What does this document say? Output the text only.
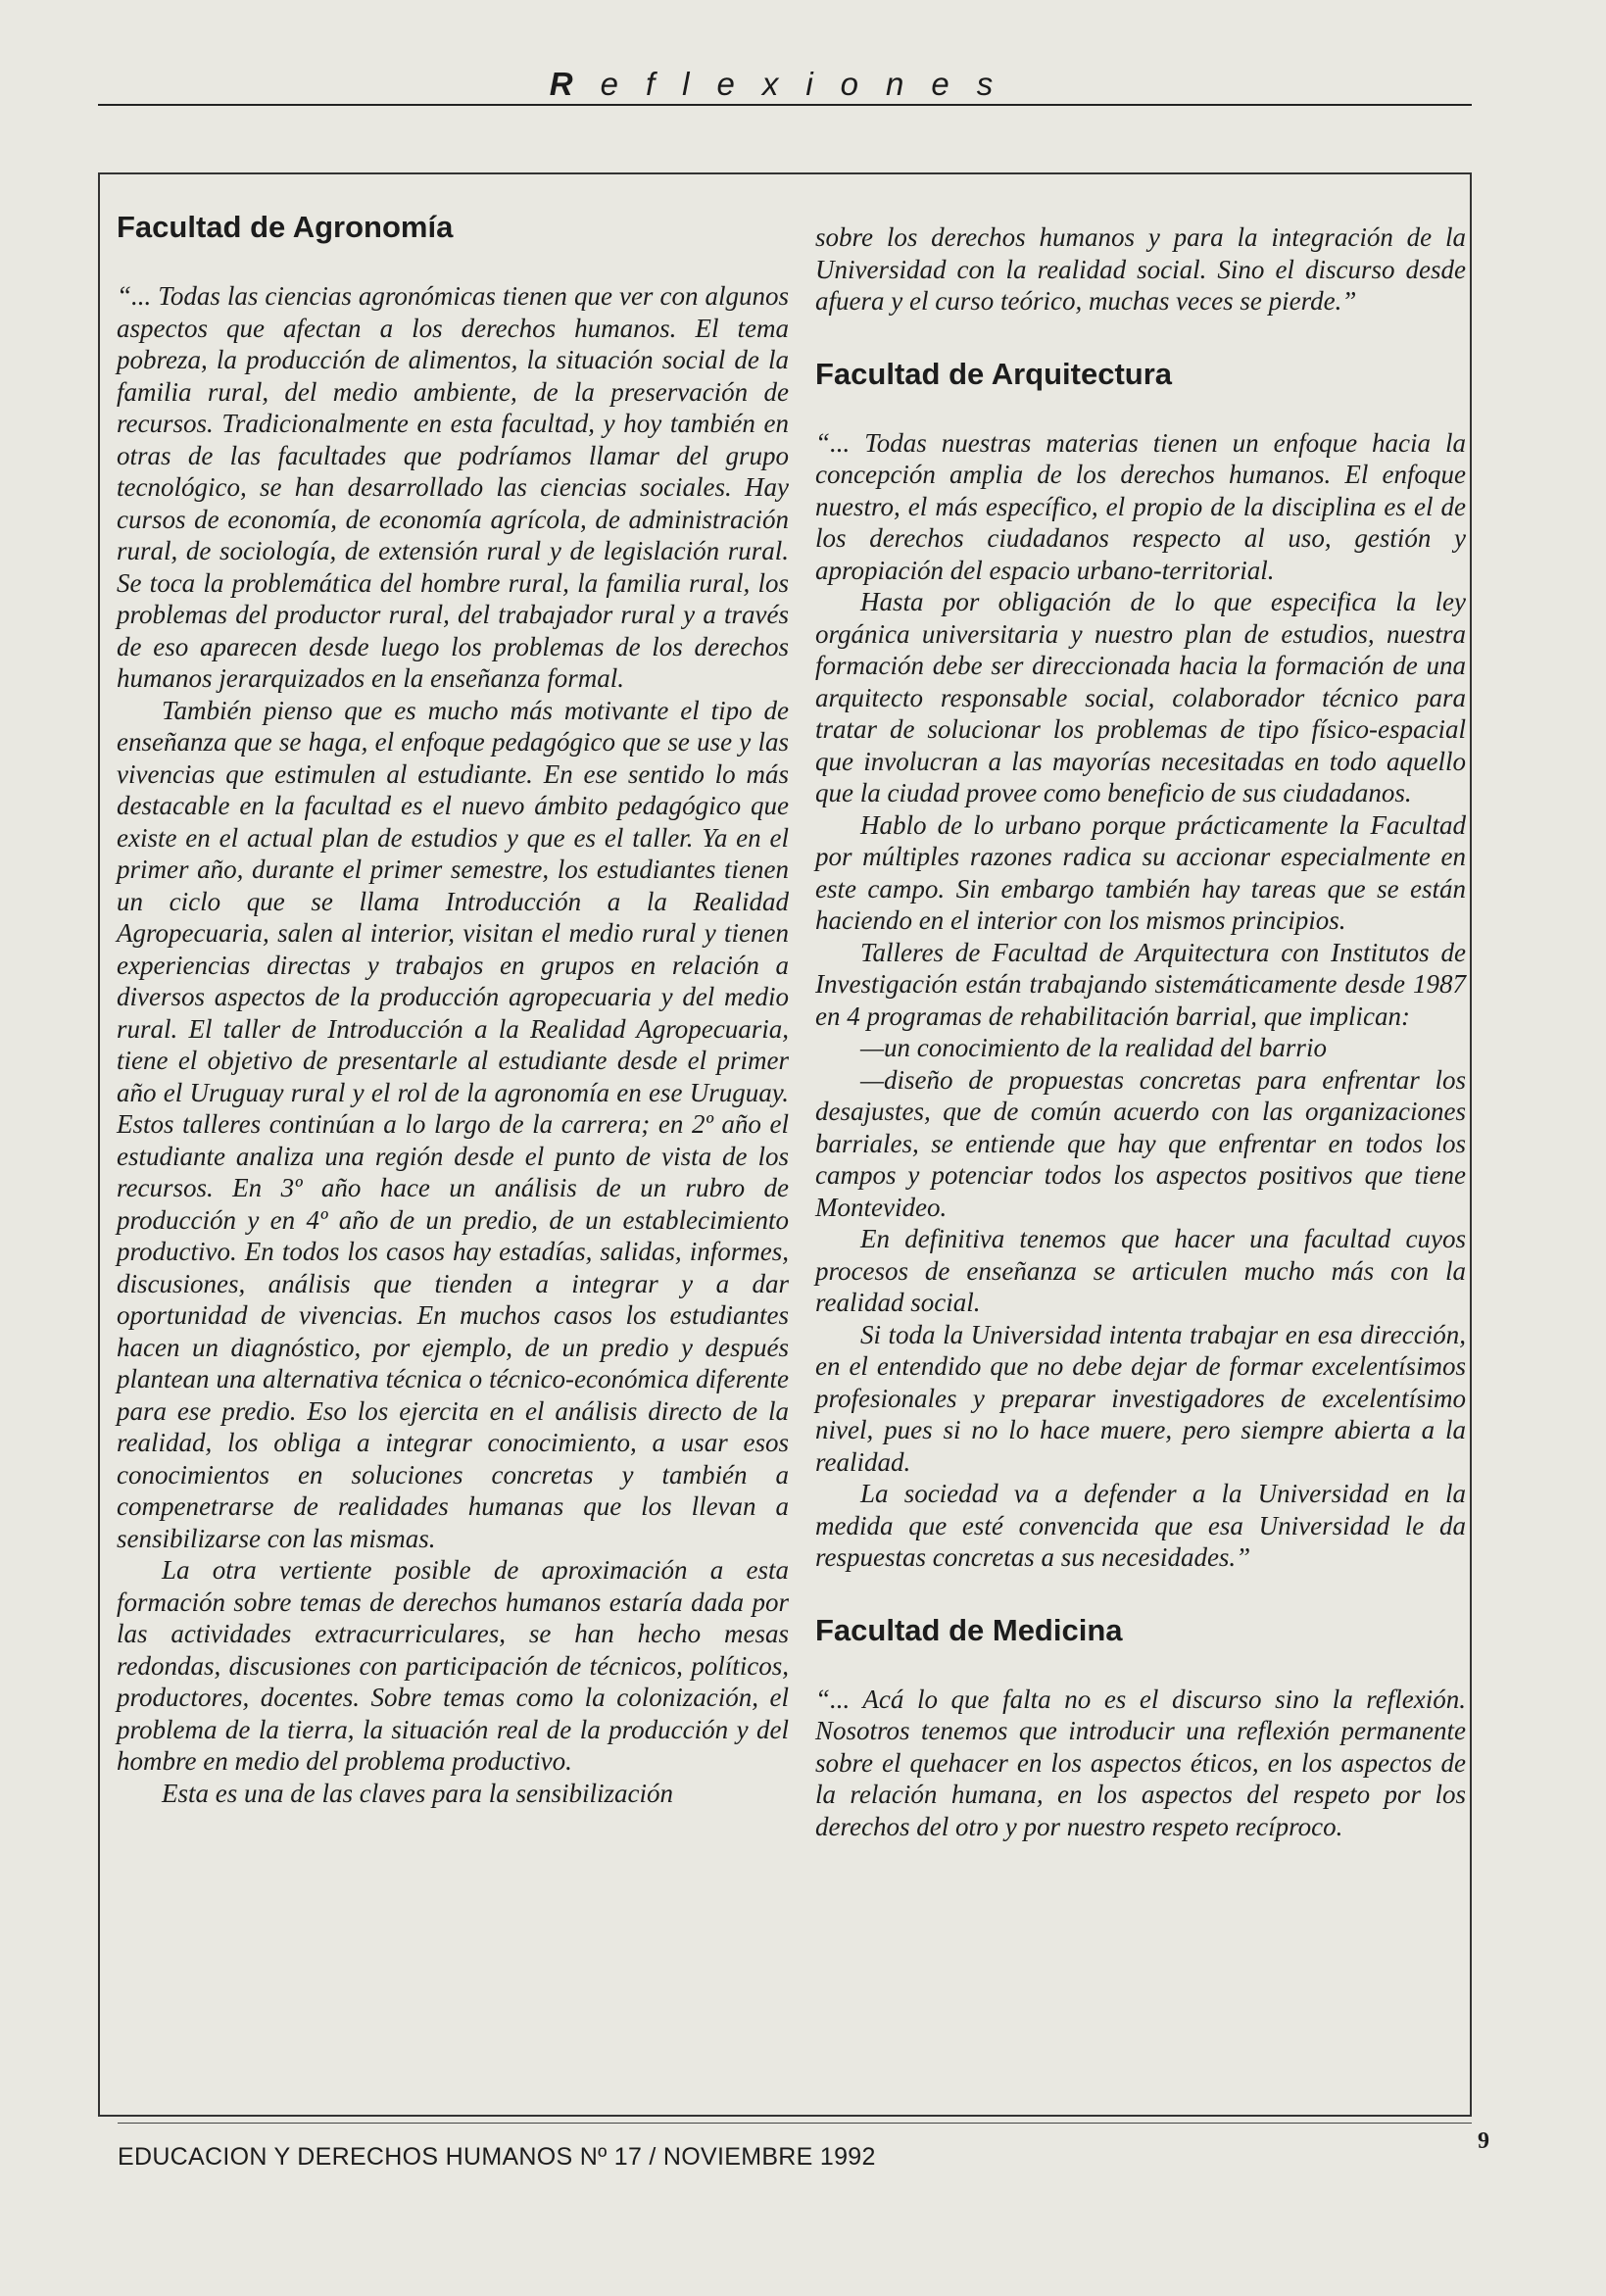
Reflexiones
Facultad de Agronomía

“... Todas las ciencias agronómicas tienen que ver con algunos aspectos que afectan a los derechos humanos. El tema pobreza, la producción de alimentos, la situación social de la familia rural, del medio ambiente, de la preservación de recursos. Tradicionalmente en esta facultad, y hoy también en otras de las facultades que podríamos llamar del grupo tecnológico, se han desarrollado las ciencias sociales. Hay cursos de economía, de economía agrícola, de administración rural, de sociología, de extensión rural y de legislación rural. Se toca la problemática del hombre rural, la familia rural, los problemas del productor rural, del trabajador rural y a través de eso aparecen desde luego los problemas de los derechos humanos jerarquizados en la enseñanza formal.

También pienso que es mucho más motivante el tipo de enseñanza que se haga, el enfoque pedagógico que se use y las vivencias que estimulen al estudiante. En ese sentido lo más destacable en la facultad es el nuevo ámbito pedagógico que existe en el actual plan de estudios y que es el taller. Ya en el primer año, durante el primer semestre, los estudiantes tienen un ciclo que se llama Introducción a la Realidad Agropecuaria, salen al interior, visitan el medio rural y tienen experiencias directas y trabajos en grupos en relación a diversos aspectos de la producción agropecuaria y del medio rural. El taller de Introducción a la Realidad Agropecuaria, tiene el objetivo de presentarle al estudiante desde el primer año el Uruguay rural y el rol de la agronomía en ese Uruguay. Estos talleres continúan a lo largo de la carrera; en 2º año el estudiante analiza una región desde el punto de vista de los recursos. En 3º año hace un análisis de un rubro de producción y en 4º año de un predio, de un establecimiento productivo. En todos los casos hay estadías, salidas, informes, discusiones, análisis que tienden a integrar y a dar oportunidad de vivencias. En muchos casos los estudiantes hacen un diagnóstico, por ejemplo, de un predio y después plantean una alternativa técnica o técnico-económica diferente para ese predio. Eso los ejercita en el análisis directo de la realidad, los obliga a integrar conocimiento, a usar esos conocimientos en soluciones concretas y también a compenetrarse de realidades humanas que los llevan a sensibilizarse con las mismas.

La otra vertiente posible de aproximación a esta formación sobre temas de derechos humanos estaría dada por las actividades extracurriculares, se han hecho mesas redondas, discusiones con participación de técnicos, políticos, productores, docentes. Sobre temas como la colonización, el problema de la tierra, la situación real de la producción y del hombre en medio del problema productivo.

Esta es una de las claves para la sensibilización

sobre los derechos humanos y para la integración de la Universidad con la realidad social. Sino el discurso desde afuera y el curso teórico, muchas veces se pierde.”

Facultad de Arquitectura

“... Todas nuestras materias tienen un enfoque hacia la concepción amplia de los derechos humanos. El enfoque nuestro, el más específico, el propio de la disciplina es el de los derechos ciudadanos respecto al uso, gestión y apropiación del espacio urbano-territorial.

Hasta por obligación de lo que especifica la ley orgánica universitaria y nuestro plan de estudios, nuestra formación debe ser direccionada hacia la formación de una arquitecto responsable social, colaborador técnico para tratar de solucionar los problemas de tipo físico-espacial que involucran a las mayorías necesitadas en todo aquello que la ciudad provee como beneficio de sus ciudadanos.

Hablo de lo urbano porque prácticamente la Facultad por múltiples razones radica su accionar especialmente en este campo. Sin embargo también hay tareas que se están haciendo en el interior con los mismos principios.

Talleres de Facultad de Arquitectura con Institutos de Investigación están trabajando sistemáticamente desde 1987 en 4 programas de rehabilitación barrial, que implican:

—un conocimiento de la realidad del barrio

—diseño de propuestas concretas para enfrentar los desajustes, que de común acuerdo con las organizaciones barriales, se entiende que hay que enfrentar en todos los campos y potenciar todos los aspectos positivos que tiene Montevideo.

En definitiva tenemos que hacer una facultad cuyos procesos de enseñanza se articulen mucho más con la realidad social.

Si toda la Universidad intenta trabajar en esa dirección, en el entendido que no debe dejar de formar excelentísimos profesionales y preparar investigadores de excelentísimo nivel, pues si no lo hace muere, pero siempre abierta a la realidad.

La sociedad va a defender a la Universidad en la medida que esté convencida que esa Universidad le da respuestas concretas a sus necesidades.”

Facultad de Medicina

“... Acá lo que falta no es el discurso sino la reflexión. Nosotros tenemos que introducir una reflexión permanente sobre el quehacer en los aspectos éticos, en los aspectos de la relación humana, en los aspectos del respeto por los derechos del otro y por nuestro respeto recíproco.

EDUCACION Y DERECHOS HUMANOS Nº 17 / NOVIEMBRE 1992
9
